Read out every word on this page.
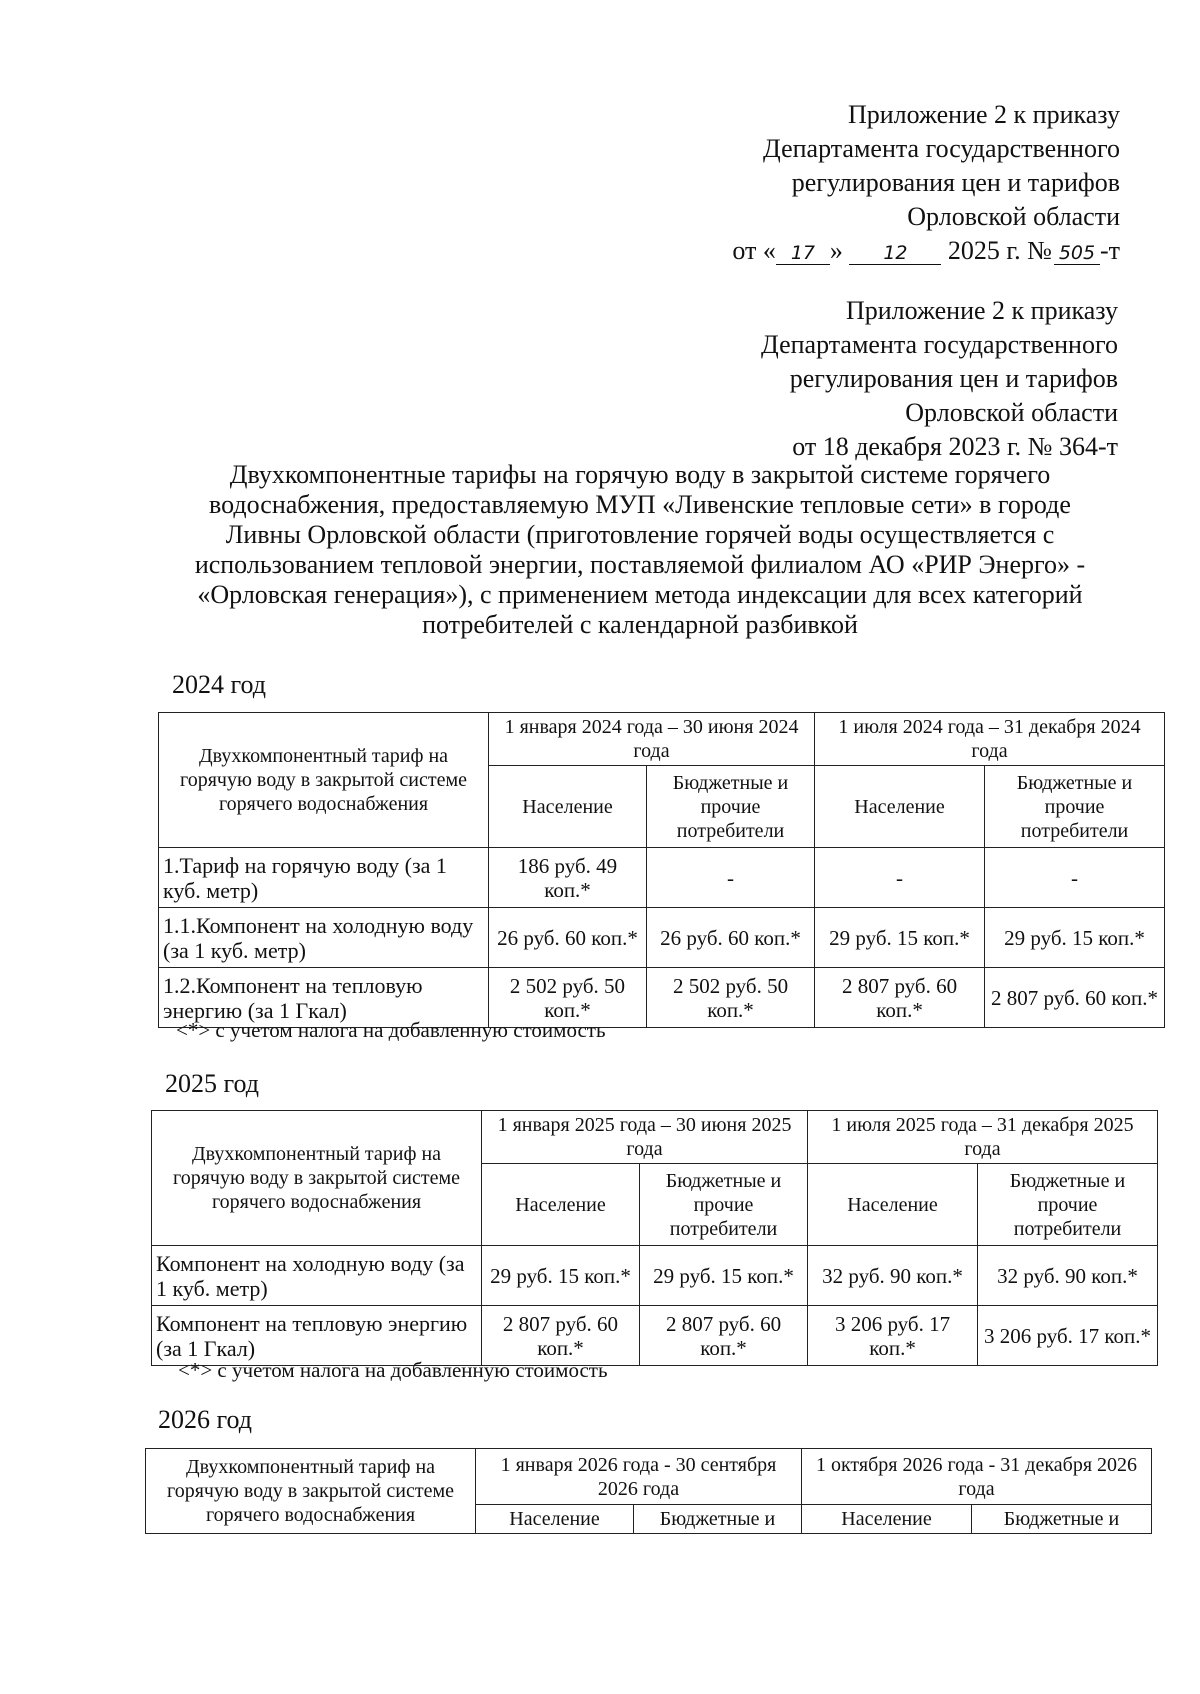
Приложение 2 к приказу
Департамента государственного
регулирования цен и тарифов
Орловской области
от « 17 » 12 2025 г. № 505 -т
Приложение 2 к приказу
Департамента государственного
регулирования цен и тарифов
Орловской области
от 18 декабря 2023 г. № 364-т
Двухкомпонентные тарифы на горячую воду в закрытой системе горячего водоснабжения, предоставляемую МУП «Ливенские тепловые сети» в городе Ливны Орловской области (приготовление горячей воды осуществляется с использованием тепловой энергии, поставляемой филиалом АО «РИР Энерго» - «Орловская генерация»), с применением метода индексации для всех категорий потребителей с календарной разбивкой
2024 год
Двухкомпонентный тариф на горячую воду в закрытой системе горячего водоснабжения	1 января 2024 года – 30 июня 2024 года		1 июля 2024 года – 31 декабря 2024 года	
	Население	Бюджетные и прочие потребители	Население	Бюджетные и прочие потребители
1.Тариф на горячую воду (за 1 куб. метр)	186 руб. 49 коп.*	-	-	-
1.1.Компонент на холодную воду (за 1 куб. метр)	26 руб. 60 коп.*	26 руб. 60 коп.*	29 руб. 15 коп.*	29 руб. 15 коп.*
1.2.Компонент на тепловую энергию (за 1 Гкал)	2 502 руб. 50 коп.*	2 502 руб. 50 коп.*	2 807 руб. 60 коп.*	2 807 руб. 60 коп.*
<*> с учетом налога на добавленную стоимость
2025 год
Двухкомпонентный тариф на горячую воду в закрытой системе горячего водоснабжения	1 января 2025 года – 30 июня 2025 года		1 июля 2025 года – 31 декабря 2025 года	
	Население	Бюджетные и прочие потребители	Население	Бюджетные и прочие потребители
Компонент на холодную воду (за 1 куб. метр)	29 руб. 15 коп.*	29 руб. 15 коп.*	32 руб. 90 коп.*	32 руб. 90 коп.*
Компонент на тепловую энергию (за 1 Гкал)	2 807 руб. 60 коп.*	2 807 руб. 60 коп.*	3 206 руб. 17 коп.*	3 206 руб. 17 коп.*
<*> с учетом налога на добавленную стоимость
2026 год
Двухкомпонентный тариф на горячую воду в закрытой системе горячего водоснабжения	1 января 2026 года - 30 сентября 2026 года		1 октября 2026 года - 31 декабря 2026 года	
	Население	Бюджетные и	Население	Бюджетные и
